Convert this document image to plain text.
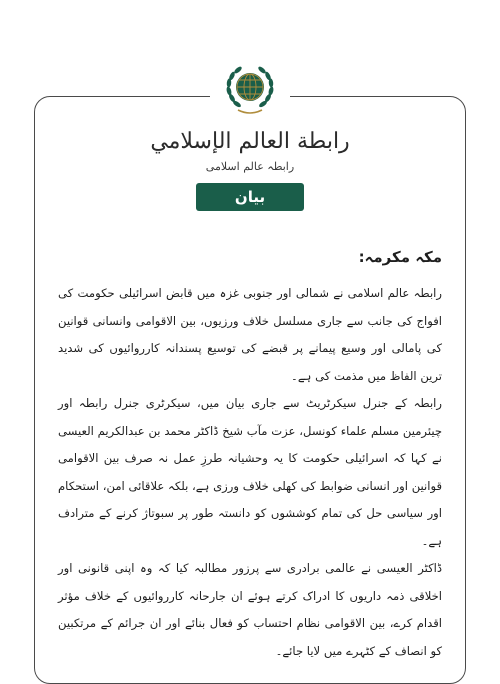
رابطة العالم الإسلامي
رابطہ عالم اسلامی
بیان
مکہ مکرمہ:

رابطہ عالم اسلامی نے شمالی اور جنوبی غزہ میں قابض اسرائیلی حکومت کی افواج کی جانب سے جاری مسلسل خلاف ورزیوں، بین الاقوامی وانسانی قوانین کی پامالی اور وسیع پیمانے پر قبضے کی توسیع پسندانہ کارروائیوں کی شدید ترین الفاظ میں مذمت کی ہے۔

رابطہ کے جنرل سیکرٹریٹ سے جاری بیان میں، سیکرٹری جنرل رابطہ اور چیئرمین مسلم علماء کونسل، عزت مآب شیخ ڈاکٹر محمد بن عبدالکریم العیسی نے کہا کہ اسرائیلی حکومت کا یہ وحشیانہ طرزِ عمل نہ صرف بین الاقوامی قوانین اور انسانی ضوابط کی کھلی خلاف ورزی ہے، بلکہ علاقائی امن، استحکام اور سیاسی حل کی تمام کوششوں کو دانستہ طور پر سبوتاژ کرنے کے مترادف ہے۔

ڈاکٹر العیسی نے عالمی برادری سے پرزور مطالبہ کیا کہ وہ اپنی قانونی اور اخلاقی ذمہ داریوں کا ادراک کرتے ہوئے ان جارحانہ کارروائیوں کے خلاف مؤثر اقدام کرے، بین الاقوامی نظام احتساب کو فعال بنائے اور ان جرائم کے مرتکبین کو انصاف کے کٹہرے میں لایا جائے۔
